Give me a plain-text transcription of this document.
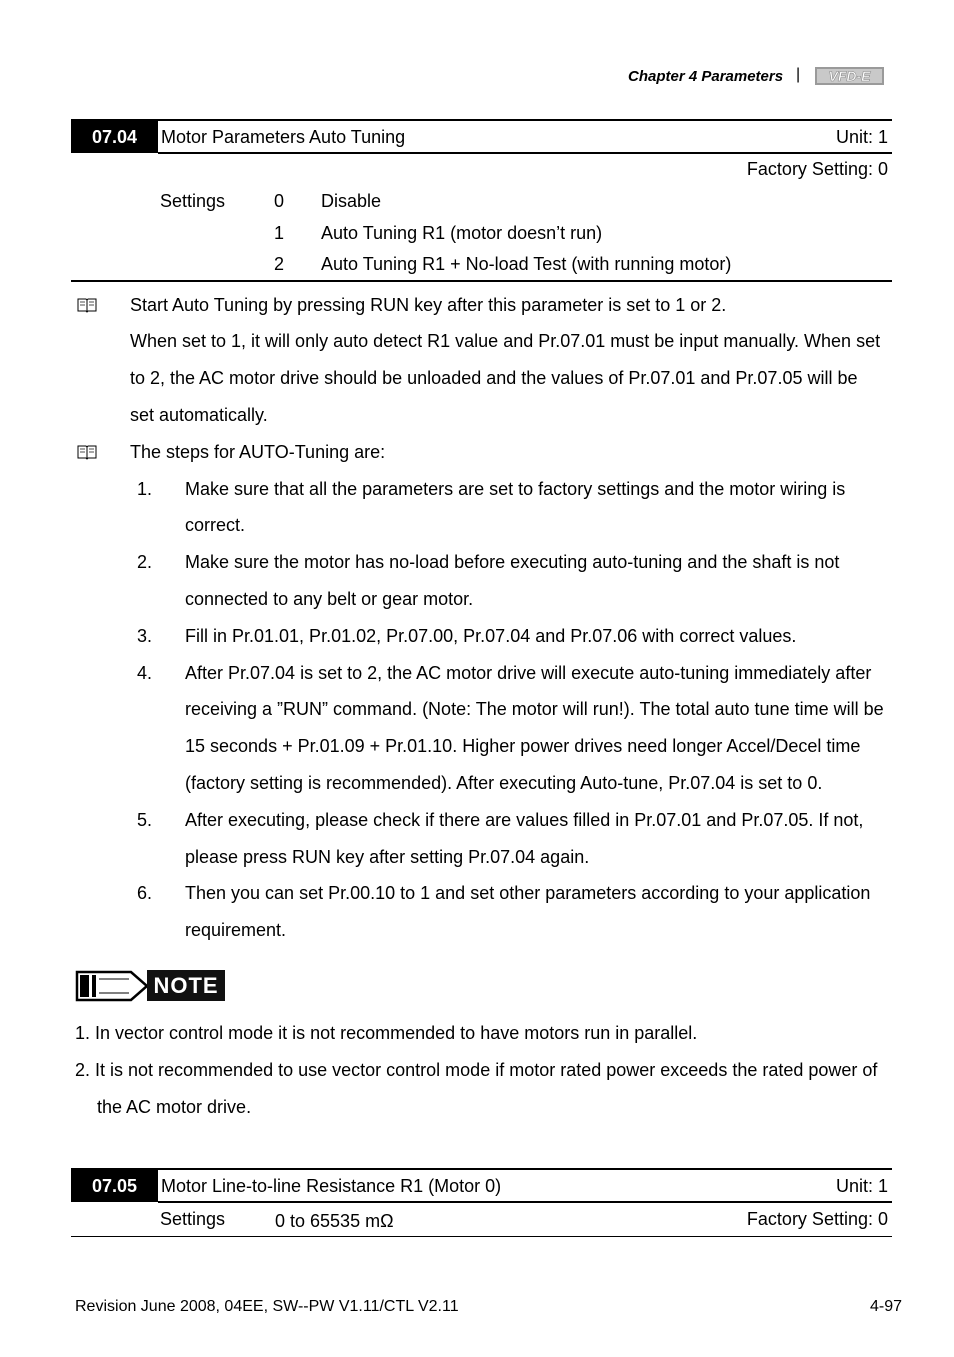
Chapter 4 Parameters | VFD-E
07.04	Motor Parameters Auto Tuning	Unit: 1
Factory Setting: 0
Settings	0 Disable
1 Auto Tuning R1 (motor doesn’t run)
2 Auto Tuning R1 + No-load Test (with running motor)
Start Auto Tuning by pressing RUN key after this parameter is set to 1 or 2.
When set to 1, it will only auto detect R1 value and Pr.07.01 must be input manually. When set
to 2, the AC motor drive should be unloaded and the values of Pr.07.01 and Pr.07.05 will be
set automatically.
The steps for AUTO-Tuning are:
1. Make sure that all the parameters are set to factory settings and the motor wiring is
correct.
2. Make sure the motor has no-load before executing auto-tuning and the shaft is not
connected to any belt or gear motor.
3. Fill in Pr.01.01, Pr.01.02, Pr.07.00, Pr.07.04 and Pr.07.06 with correct values.
4. After Pr.07.04 is set to 2, the AC motor drive will execute auto-tuning immediately after
receiving a ”RUN” command. (Note: The motor will run!). The total auto tune time will be
15 seconds + Pr.01.09 + Pr.01.10. Higher power drives need longer Accel/Decel time
(factory setting is recommended). After executing Auto-tune, Pr.07.04 is set to 0.
5. After executing, please check if there are values filled in Pr.07.01 and Pr.07.05. If not,
please press RUN key after setting Pr.07.04 again.
6. Then you can set Pr.00.10 to 1 and set other parameters according to your application
requirement.
NOTE
1. In vector control mode it is not recommended to have motors run in parallel.
2. It is not recommended to use vector control mode if motor rated power exceeds the rated power of
the AC motor drive.
07.05	Motor Line-to-line Resistance R1 (Motor 0)	Unit: 1
Settings	0 to 65535 mΩ	Factory Setting: 0
Revision June 2008, 04EE, SW--PW V1.11/CTL V2.11	4-97
